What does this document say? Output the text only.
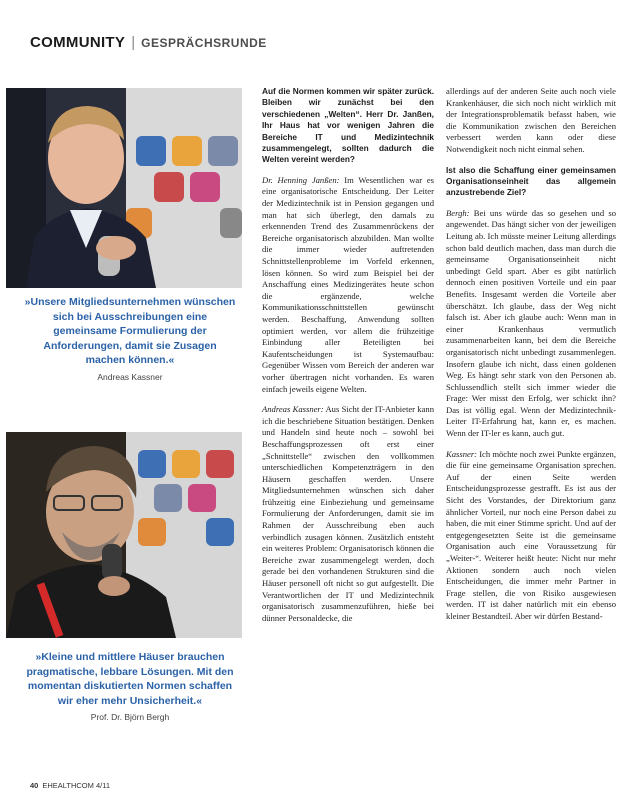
COMMUNITY | GESPRÄCHSRUNDE
»Unsere Mitgliedsunternehmen wünschen sich bei Ausschreibungen eine gemeinsame Formulierung der Anforderungen, damit sie Zusagen machen können.«
Andreas Kassner
»Kleine und mittlere Häuser brauchen pragmatische, lebbare Lösungen. Mit den momentan diskutierten Normen schaffen wir eher mehr Unsicherheit.«
Prof. Dr. Björn Bergh

Auf die Normen kommen wir später zurück. Bleiben wir zunächst bei den verschiedenen „Welten“. Herr Dr. Janßen, Ihr Haus hat vor wenigen Jahren die Bereiche IT und Medizintechnik zusammengelegt, sollten dadurch die Welten vereint werden?

Dr. Henning Janßen: Im Wesentlichen war es eine organisatorische Entscheidung. Der Leiter der Medizintechnik ist in Pension gegangen und man hat sich überlegt, den damals zu erkennenden Trend des Zusammenrückens der Bereiche organisatorisch abzubilden. Man wollte die immer wieder auftretenden Schnittstellenprobleme im Vorfeld erkennen, lösen können. So wird zum Beispiel bei der Anschaffung eines Medizingerätes heute schon die ergänzende, welche Kommunikationsschnittstellen gewünscht werden. Beschaffung, Anwendung sollten optimiert werden, vor allem die frühzeitige Einbindung aller Beteiligten bei Kaufentscheidungen ist Systemaufbau: Gegenüber Wissen vom Bereich der anderen war vorher übertragen nicht vorhanden. Es waren einfach jeweils eigene Welten.

Andreas Kassner: Aus Sicht der IT-Anbieter kann ich die beschriebene Situation bestätigen. Denken und Handeln sind heute noch – sowohl bei Beschaffungsprozessen oft erst einer „Schnittstelle“ zwischen den vollkommen unterschiedlichen Kompetenzträgern in den Häusern geschaffen werden. Unsere Mitgliedsunternehmen wünschen sich daher frühzeitig eine Einbeziehung und gemeinsame Formulierung der Anforderungen, damit sie im Rahmen der Ausschreibung eben auch verbindlich zusagen können. Zusätzlich entsteht ein weiteres Problem: Organisatorisch können die Bereiche zwar zusammengelegt werden, doch gerade bei den vorhandenen Strukturen sind die Häuser personell oft nicht so gut aufgestellt. Die Verantwortlichen der IT und Medizintechnik organisatorisch zusammenzuführen, hieße bei dünner Personaldecke, die

allerdings auf der anderen Seite auch noch viele Krankenhäuser, die sich noch nicht wirklich mit der Integrationsproblematik befasst haben, wie die Kommunikation zwischen den Bereichen verbessert werden kann oder diese Notwendigkeit noch nicht einmal sehen.

Ist also die Schaffung einer gemeinsamen Organisationseinheit das allgemein anzustrebende Ziel?

Bergh: Bei uns würde das so gesehen und so angewendet. Das hängt sicher von der jeweiligen Leitung ab. Ich müsste meiner Leitung allerdings schon bald deutlich machen, dass man durch die gemeinsame Organisationseinheit nicht unbedingt Geld spart. Aber es gibt natürlich dennoch einen positiven Vorteile und ein paar Benefits. Insgesamt werden die Vorteile aber überschätzt. Ich glaube, dass der Weg nicht falsch ist. Aber ich glaube auch: Wenn man in einer Krankenhaus vermutlich zusammenarbeiten kann, bei dem die Bereiche organisatorisch nicht unbedingt zusammenlegen. Insofern glaube ich nicht, dass einen goldenen Weg. Es hängt sehr stark von den Personen ab. Schlussendlich stellt sich immer wieder die Frage: Wer misst den Erfolg, wer schickt ihn? Das ist völlig egal. Wenn der Medizintechnik-Leiter IT-Erfahrung hat, kann er, es machen. Wenn der IT-ler es kann, auch gut.

Kassner: Ich möchte noch zwei Punkte ergänzen, die für eine gemeinsame Organisation sprechen. Auf der einen Seite werden Entscheidungsprozesse gestrafft. Es ist aus der Sicht des Vorstandes, der Direktorium ganz ähnlicher Vorteil, nur noch eine Person dabei zu haben, die mit einer Stimme spricht. Und auf der entgegengesetzten Seite ist die gemeinsame Organisation auch eine Voraussetzung für „Weiter-“. Weiterer heißt heute: Nicht nur mehr Aktionen sondern auch noch vielen Entscheidungen, die immer mehr Partner in Frage stellen, die von Risiko ausgewiesen werden. IT ist daher natürlich mit ein ebenso kleiner Bestandteil. Aber wir dürfen Bestand-

40 EHEALTHCOM 4/11
